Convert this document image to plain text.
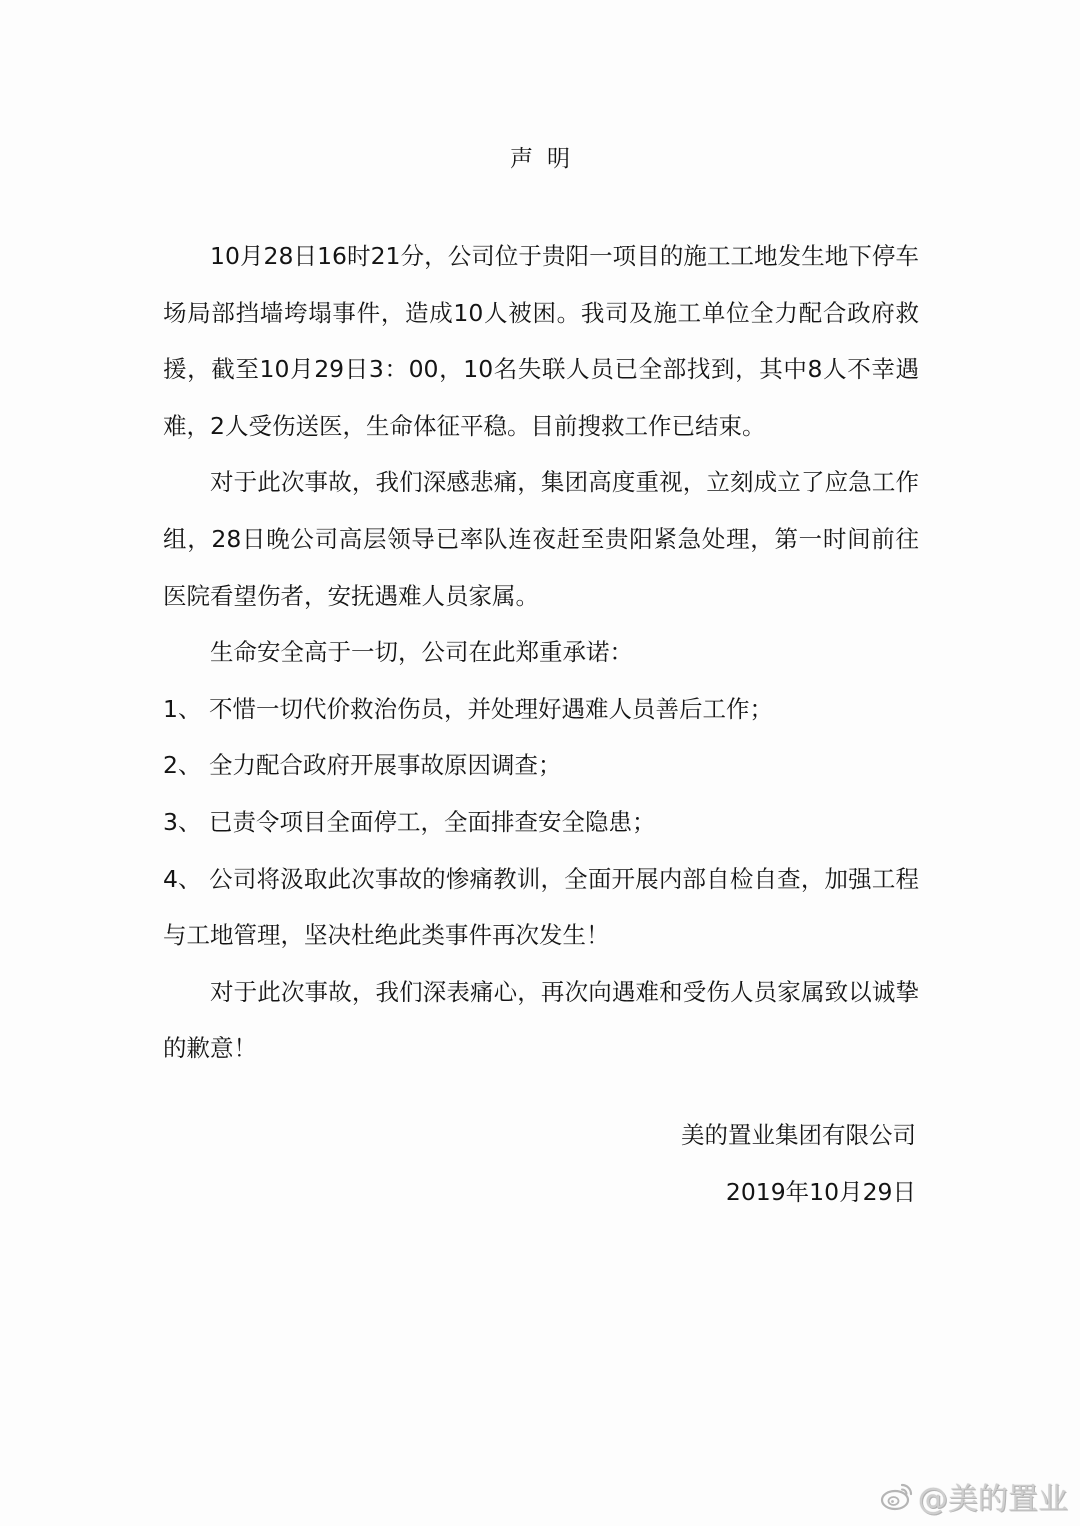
声明

10月28日16时21分，公司位于贵阳一项目的施工工地发生地下停车场局部挡墙垮塌事件，造成10人被困。我司及施工单位全力配合政府救援，截至10月29日3：00，10名失联人员已全部找到，其中8人不幸遇难，2人受伤送医，生命体征平稳。目前搜救工作已结束。

对于此次事故，我们深感悲痛，集团高度重视，立刻成立了应急工作组，28日晚公司高层领导已率队连夜赶至贵阳紧急处理，第一时间前往医院看望伤者，安抚遇难人员家属。

生命安全高于一切，公司在此郑重承诺：

1、 不惜一切代价救治伤员，并处理好遇难人员善后工作；

2、 全力配合政府开展事故原因调查；

3、 已责令项目全面停工，全面排查安全隐患；

4、 公司将汲取此次事故的惨痛教训，全面开展内部自检自查，加强工程与工地管理，坚决杜绝此类事件再次发生！

对于此次事故，我们深表痛心，再次向遇难和受伤人员家属致以诚挚的歉意！

美的置业集团有限公司
2019年10月29日
@美的置业
